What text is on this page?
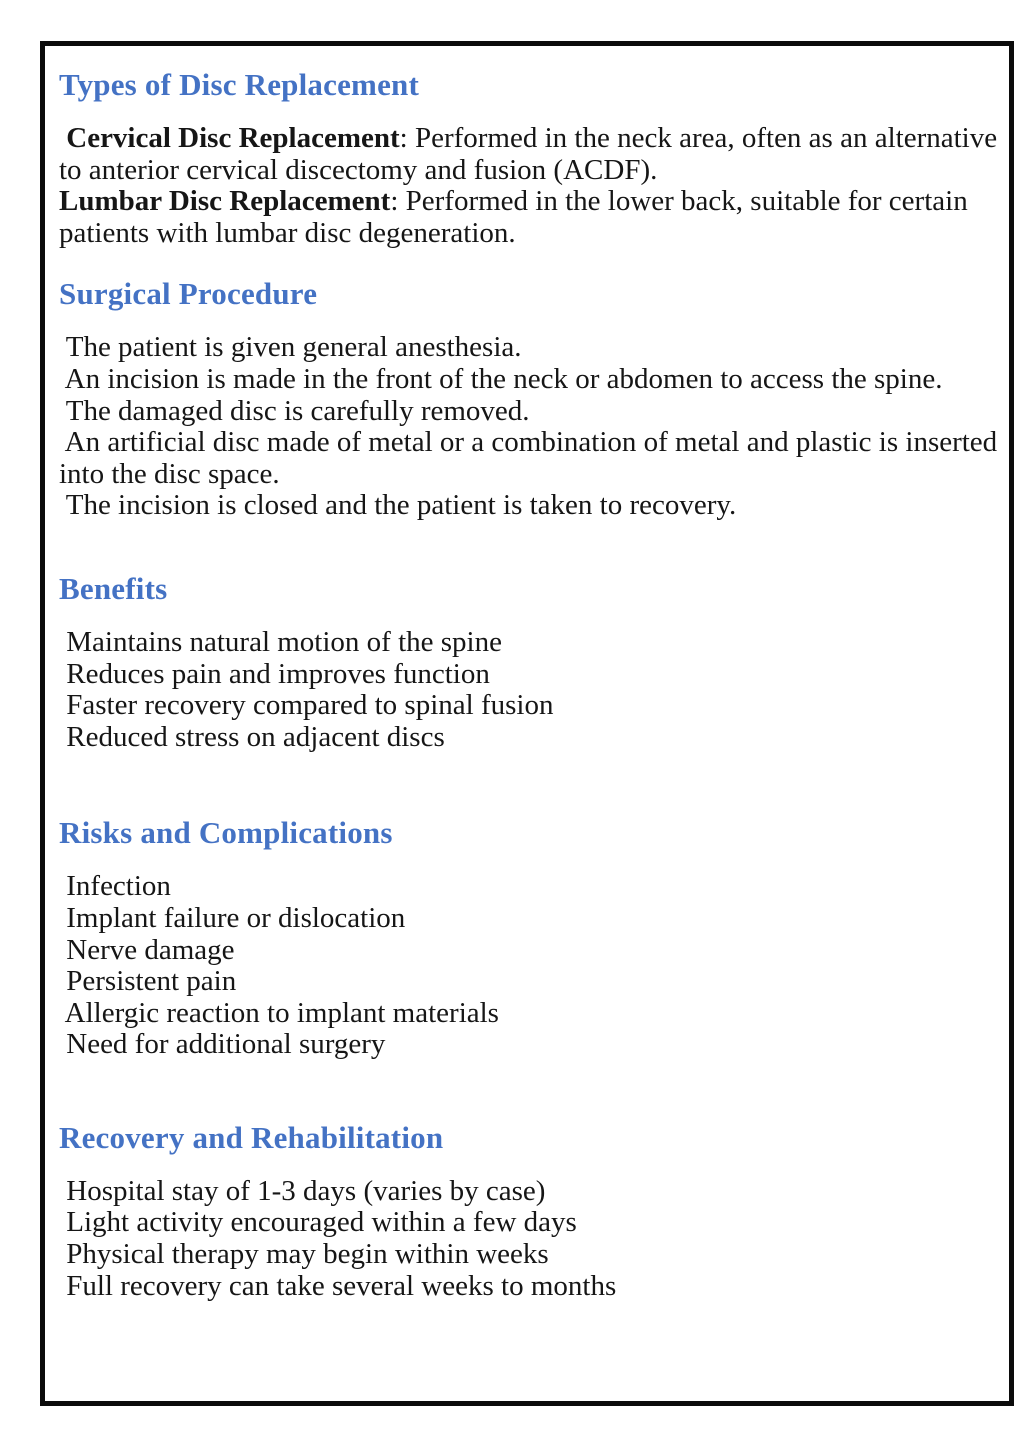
Types of Disc Replacement
Cervical Disc Replacement: Performed in the neck area, often as an alternative
to anterior cervical discectomy and fusion (ACDF).
Lumbar Disc Replacement: Performed in the lower back, suitable for certain
patients with lumbar disc degeneration.
Surgical Procedure
The patient is given general anesthesia.
An incision is made in the front of the neck or abdomen to access the spine.
The damaged disc is carefully removed.
An artificial disc made of metal or a combination of metal and plastic is inserted
into the disc space.
The incision is closed and the patient is taken to recovery.
Benefits
Maintains natural motion of the spine
Reduces pain and improves function
Faster recovery compared to spinal fusion
Reduced stress on adjacent discs
Risks and Complications
Infection
Implant failure or dislocation
Nerve damage
Persistent pain
Allergic reaction to implant materials
Need for additional surgery
Recovery and Rehabilitation
Hospital stay of 1-3 days (varies by case)
Light activity encouraged within a few days
Physical therapy may begin within weeks
Full recovery can take several weeks to months
